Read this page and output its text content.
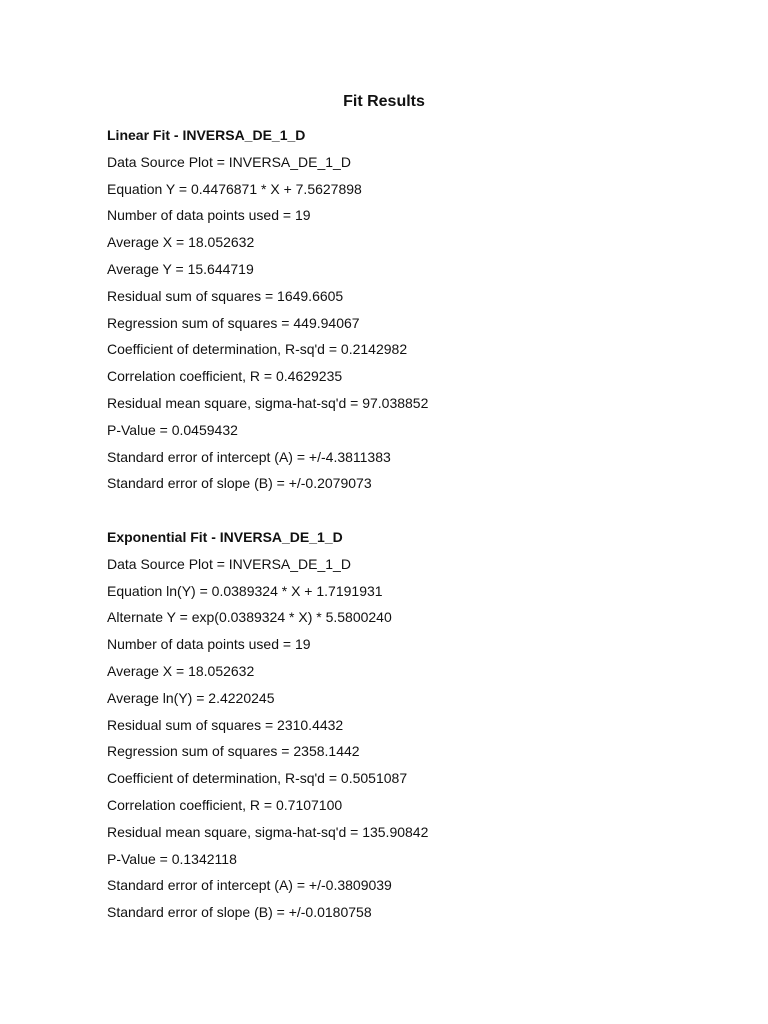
Fit Results
Linear Fit - INVERSA_DE_1_D
Data Source Plot = INVERSA_DE_1_D
Equation Y = 0.4476871 * X + 7.5627898
Number of data points used = 19
Average X = 18.052632
Average Y = 15.644719
Residual sum of squares = 1649.6605
Regression sum of squares = 449.94067
Coefficient of determination, R-sq'd = 0.2142982
Correlation coefficient, R = 0.4629235
Residual mean square, sigma-hat-sq'd = 97.038852
P-Value = 0.0459432
Standard error of intercept (A) = +/-4.3811383
Standard error of slope (B) = +/-0.2079073
Exponential Fit - INVERSA_DE_1_D
Data Source Plot = INVERSA_DE_1_D
Equation ln(Y) = 0.0389324 * X + 1.7191931
Alternate Y = exp(0.0389324 * X) * 5.5800240
Number of data points used = 19
Average X = 18.052632
Average ln(Y) = 2.4220245
Residual sum of squares = 2310.4432
Regression sum of squares = 2358.1442
Coefficient of determination, R-sq'd = 0.5051087
Correlation coefficient, R = 0.7107100
Residual mean square, sigma-hat-sq'd = 135.90842
P-Value = 0.1342118
Standard error of intercept (A) = +/-0.3809039
Standard error of slope (B) = +/-0.0180758
